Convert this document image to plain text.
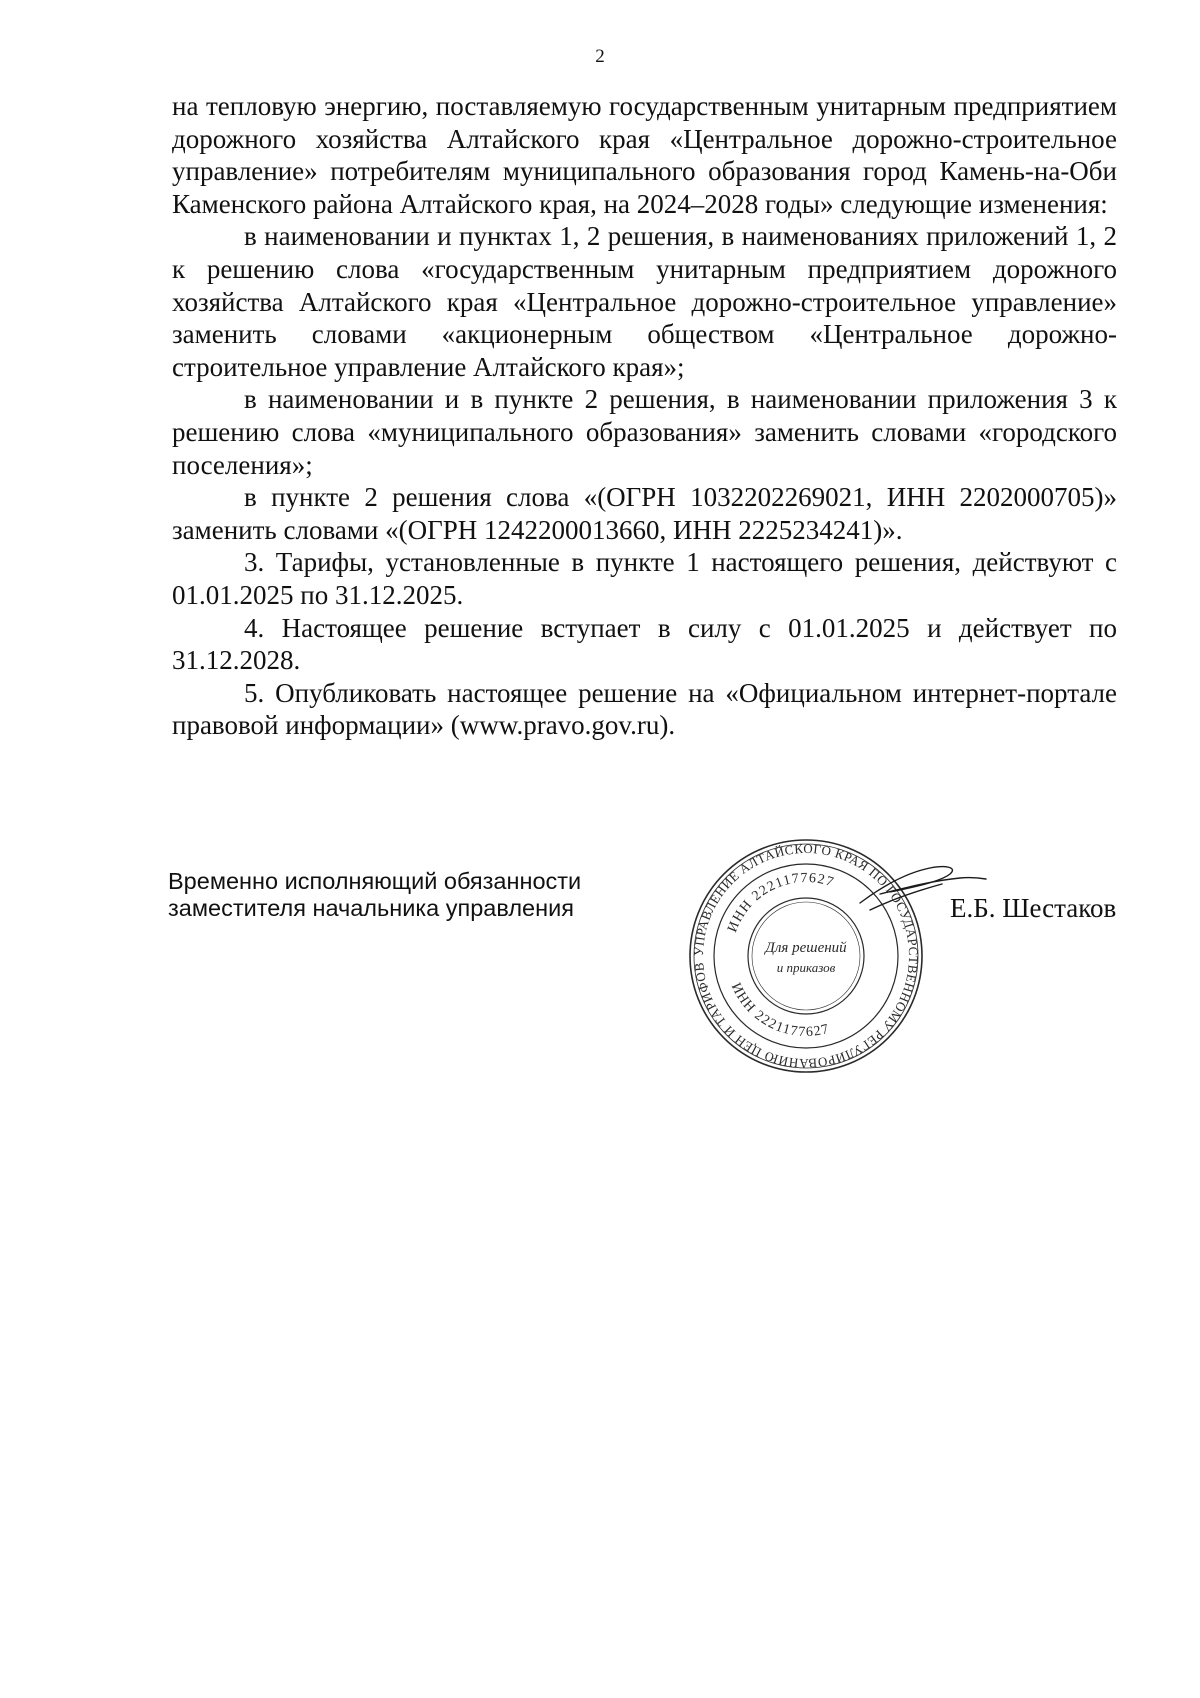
2

на тепловую энергию, поставляемую государственным унитарным предприятием дорожного хозяйства Алтайского края «Центральное дорожно-строительное управление» потребителям муниципального образования город Камень-на-Оби Каменского района Алтайского края, на 2024–2028 годы» следующие изменения:

в наименовании и пунктах 1, 2 решения, в наименованиях приложений 1, 2 к решению слова «государственным унитарным предприятием дорожного хозяйства Алтайского края «Центральное дорожно-строительное управление» заменить словами «акционерным обществом «Центральное дорожно-строительное управление Алтайского края»;

в наименовании и в пункте 2 решения, в наименовании приложения 3 к решению слова «муниципального образования» заменить словами «городского поселения»;

в пункте 2 решения слова «(ОГРН 1032202269021, ИНН 2202000705)» заменить словами «(ОГРН 1242200013660, ИНН 2225234241)».

3. Тарифы, установленные в пункте 1 настоящего решения, действуют с 01.01.2025 по 31.12.2025.

4. Настоящее решение вступает в силу с 01.01.2025 и действует по 31.12.2028.

5. Опубликовать настоящее решение на «Официальном интернет-портале правовой информации» (www.pravo.gov.ru).

Временно исполняющий обязанности
заместителя начальника управления
УПРАВЛЕНИЕ АЛТАЙСКОГО КРАЯ ПО ГОСУДАРСТВЕННОМУ РЕГУЛИРОВАНИЮ ЦЕН И ТАРИФОВ
ИНН 2221177627
ИНН 2221177627
Для решений
и приказов
Е.Б. Шестаков
